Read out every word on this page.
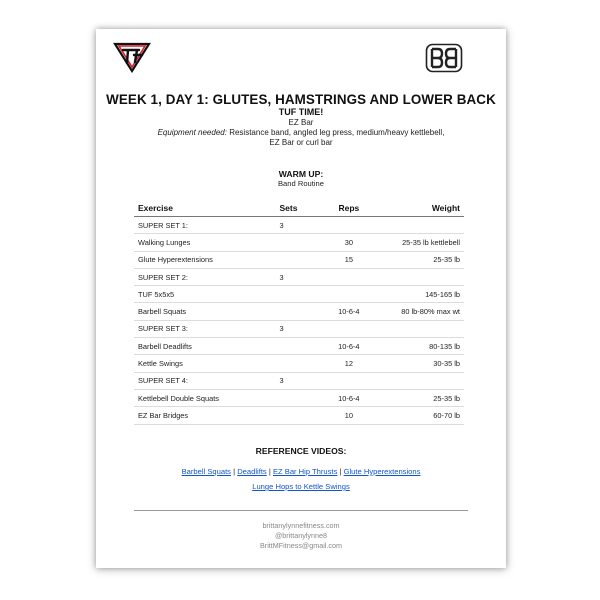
WEEK 1, DAY 1: GLUTES, HAMSTRINGS AND LOWER BACK
TUF TIME!
EZ Bar
Equipment needed: Resistance band, angled leg press, medium/heavy kettlebell,
EZ Bar or curl bar
WARM UP:
Band Routine
Exercise	Sets	Reps	Weight
SUPER SET 1:	3		
Walking Lunges		30	25-35 lb kettlebell
Glute Hyperextensions		15	25-35 lb
SUPER SET 2:	3		
TUF 5x5x5			145-165 lb
Barbell Squats		10-6-4	80 lb-80% max wt
SUPER SET 3:	3		
Barbell Deadlifts		10-6-4	80-135 lb
Kettle Swings		12	30-35 lb
SUPER SET 4:	3		
Kettlebell Double Squats		10-6-4	25-35 lb
EZ Bar Bridges		10	60-70 lb
REFERENCE VIDEOS:
Barbell Squats | Deadlifts | EZ Bar Hip Thrusts | Glute Hyperextensions
Lunge Hops to Kettle Swings
brittanylynnefitness.com
@brittanylynne8
BrittMFitness@gmail.com
